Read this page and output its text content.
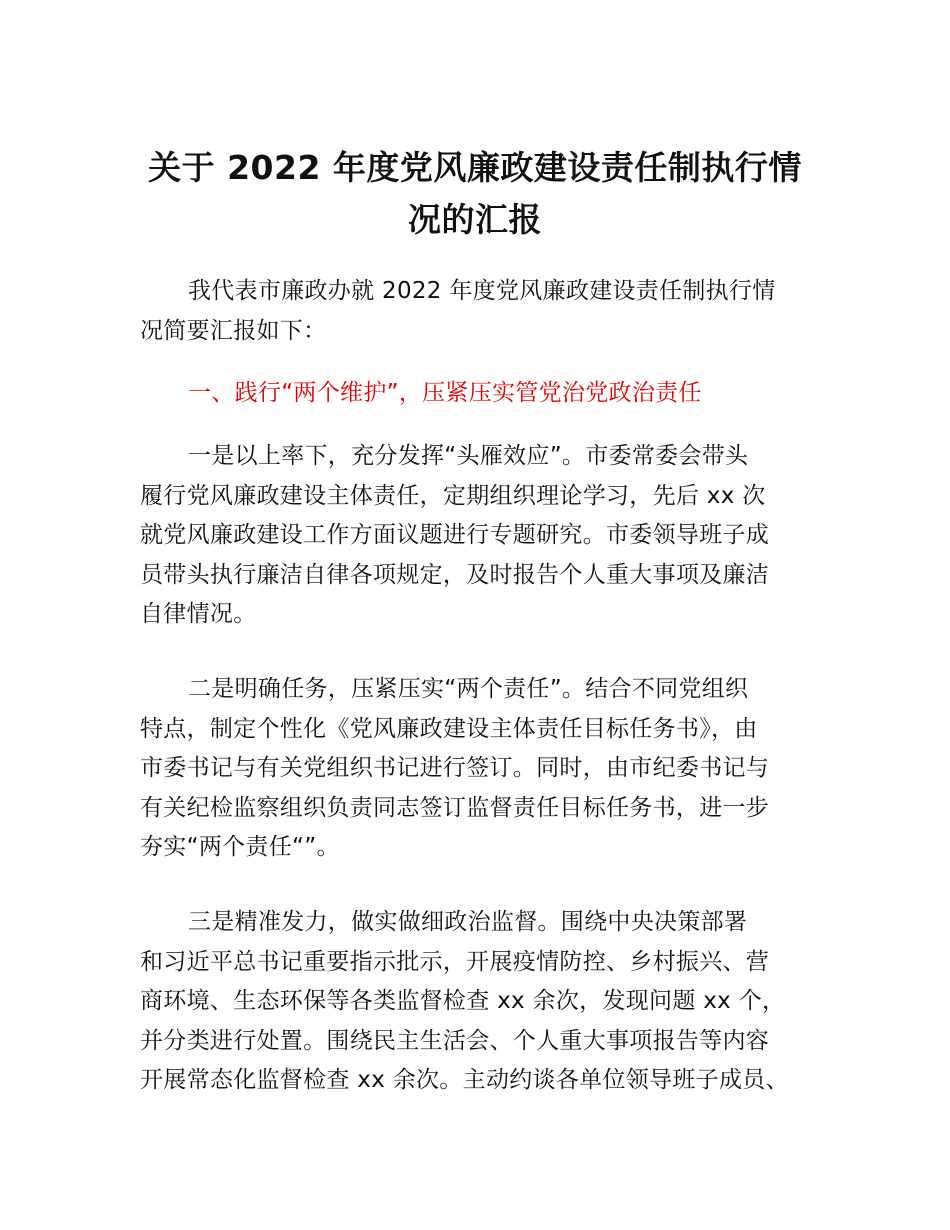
关于 2022 年度党风廉政建设责任制执行情
况的汇报

我代表市廉政办就 2022 年度党风廉政建设责任制执行情
况简要汇报如下：

一、践行“两个维护”，压紧压实管党治党政治责任

一是以上率下，充分发挥“头雁效应”。市委常委会带头
履行党风廉政建设主体责任，定期组织理论学习，先后 xx 次
就党风廉政建设工作方面议题进行专题研究。市委领导班子成
员带头执行廉洁自律各项规定，及时报告个人重大事项及廉洁
自律情况。

二是明确任务，压紧压实“两个责任”。结合不同党组织
特点，制定个性化《党风廉政建设主体责任目标任务书》，由
市委书记与有关党组织书记进行签订。同时，由市纪委书记与
有关纪检监察组织负责同志签订监督责任目标任务书，进一步
夯实“两个责任“”。

三是精准发力，做实做细政治监督。围绕中央决策部署
和习近平总书记重要指示批示，开展疫情防控、乡村振兴、营
商环境、生态环保等各类监督检查 xx 余次，发现问题 xx 个，
并分类进行处置。围绕民主生活会、个人重大事项报告等内容
开展常态化监督检查 xx 余次。主动约谈各单位领导班子成员、
